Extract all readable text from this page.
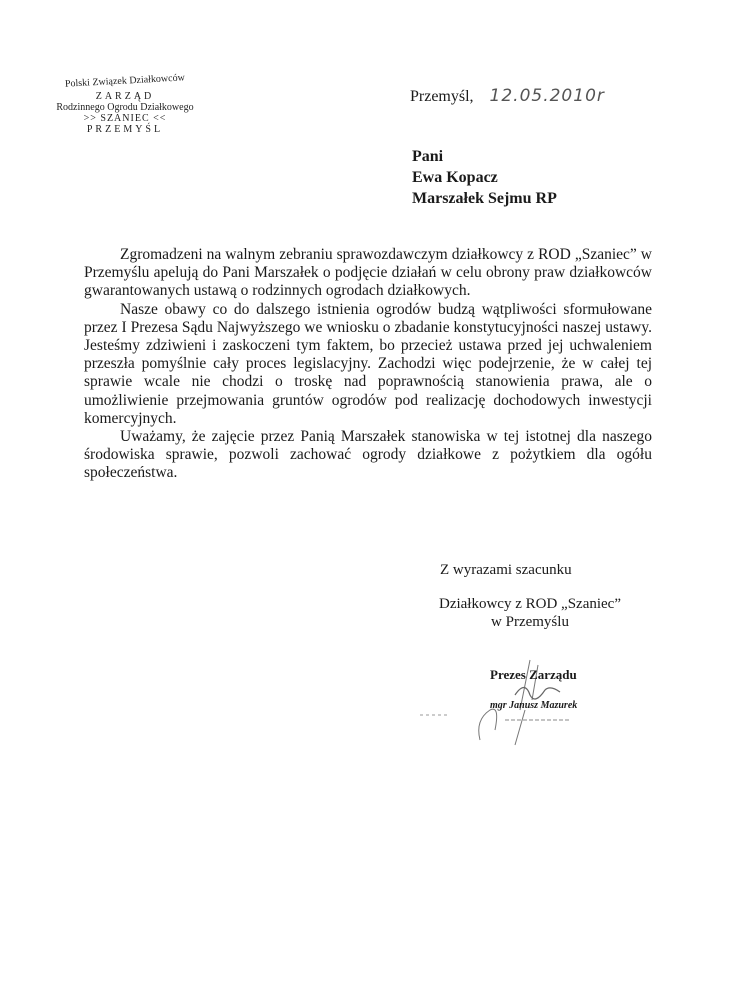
Polski Związek Działkowców
ZARZĄD
Rodzinnego Ogrodu Działkowego
>> SZANIEC <<
PRZEMYŚL
Przemyśl, 12.05.2010r
Pani
Ewa Kopacz
Marszałek Sejmu RP

Zgromadzeni na walnym zebraniu sprawozdawczym działkowcy z ROD „Szaniec” w Przemyślu apelują do Pani Marszałek o podjęcie działań w celu obrony praw działkowców gwarantowanych ustawą o rodzinnych ogrodach działkowych.

Nasze obawy co do dalszego istnienia ogrodów budzą wątpliwości sformułowane przez I Prezesa Sądu Najwyższego we wniosku o zbadanie konstytucyjności naszej ustawy. Jesteśmy zdziwieni i zaskoczeni tym faktem, bo przecież ustawa przed jej uchwaleniem przeszła pomyślnie cały proces legislacyjny. Zachodzi więc podejrzenie, że w całej tej sprawie wcale nie chodzi o troskę nad poprawnością stanowienia prawa, ale o umożliwienie przejmowania gruntów ogrodów pod realizację dochodowych inwestycji komercyjnych.

Uważamy, że zajęcie przez Panią Marszałek stanowiska w tej istotnej dla naszego środowiska sprawie, pozwoli zachować ogrody działkowe z pożytkiem dla ogółu społeczeństwa.

Z wyrazami szacunku
Działkowcy z ROD „Szaniec”
w Przemyślu
Prezes Zarządu
mgr Janusz Mazurek
